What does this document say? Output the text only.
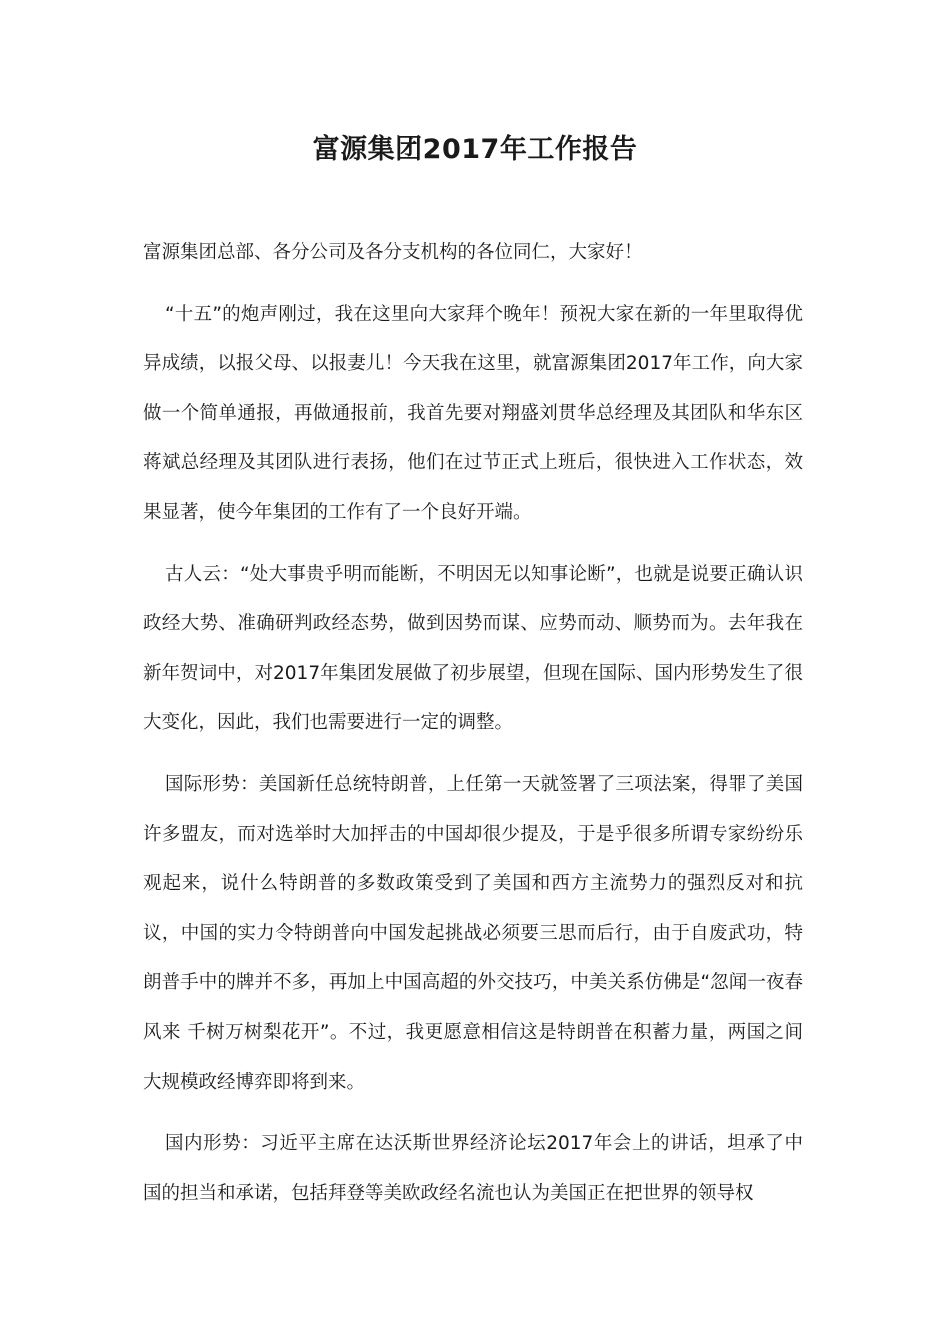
富源集团2017年工作报告

富源集团总部、各分公司及各分支机构的各位同仁，大家好！

“十五”的炮声刚过，我在这里向大家拜个晚年！预祝大家在新的一年里取得优异成绩，以报父母、以报妻儿！今天我在这里，就富源集团2017年工作，向大家做一个简单通报，再做通报前，我首先要对翔盛刘贯华总经理及其团队和华东区蒋斌总经理及其团队进行表扬，他们在过节正式上班后，很快进入工作状态，效果显著，使今年集团的工作有了一个良好开端。

古人云：“处大事贵乎明而能断，不明因无以知事论断”，也就是说要正确认识政经大势、准确研判政经态势，做到因势而谋、应势而动、顺势而为。去年我在新年贺词中，对2017年集团发展做了初步展望，但现在国际、国内形势发生了很大变化，因此，我们也需要进行一定的调整。

国际形势：美国新任总统特朗普，上任第一天就签署了三项法案，得罪了美国许多盟友，而对选举时大加抨击的中国却很少提及，于是乎很多所谓专家纷纷乐观起来，说什么特朗普的多数政策受到了美国和西方主流势力的强烈反对和抗议，中国的实力令特朗普向中国发起挑战必须要三思而后行，由于自废武功，特朗普手中的牌并不多，再加上中国高超的外交技巧，中美关系仿佛是“忽闻一夜春风来 千树万树梨花开”。不过，我更愿意相信这是特朗普在积蓄力量，两国之间大规模政经博弈即将到来。

国内形势：习近平主席在达沃斯世界经济论坛2017年会上的讲话，坦承了中国的担当和承诺，包括拜登等美欧政经名流也认为美国正在把世界的领导权
